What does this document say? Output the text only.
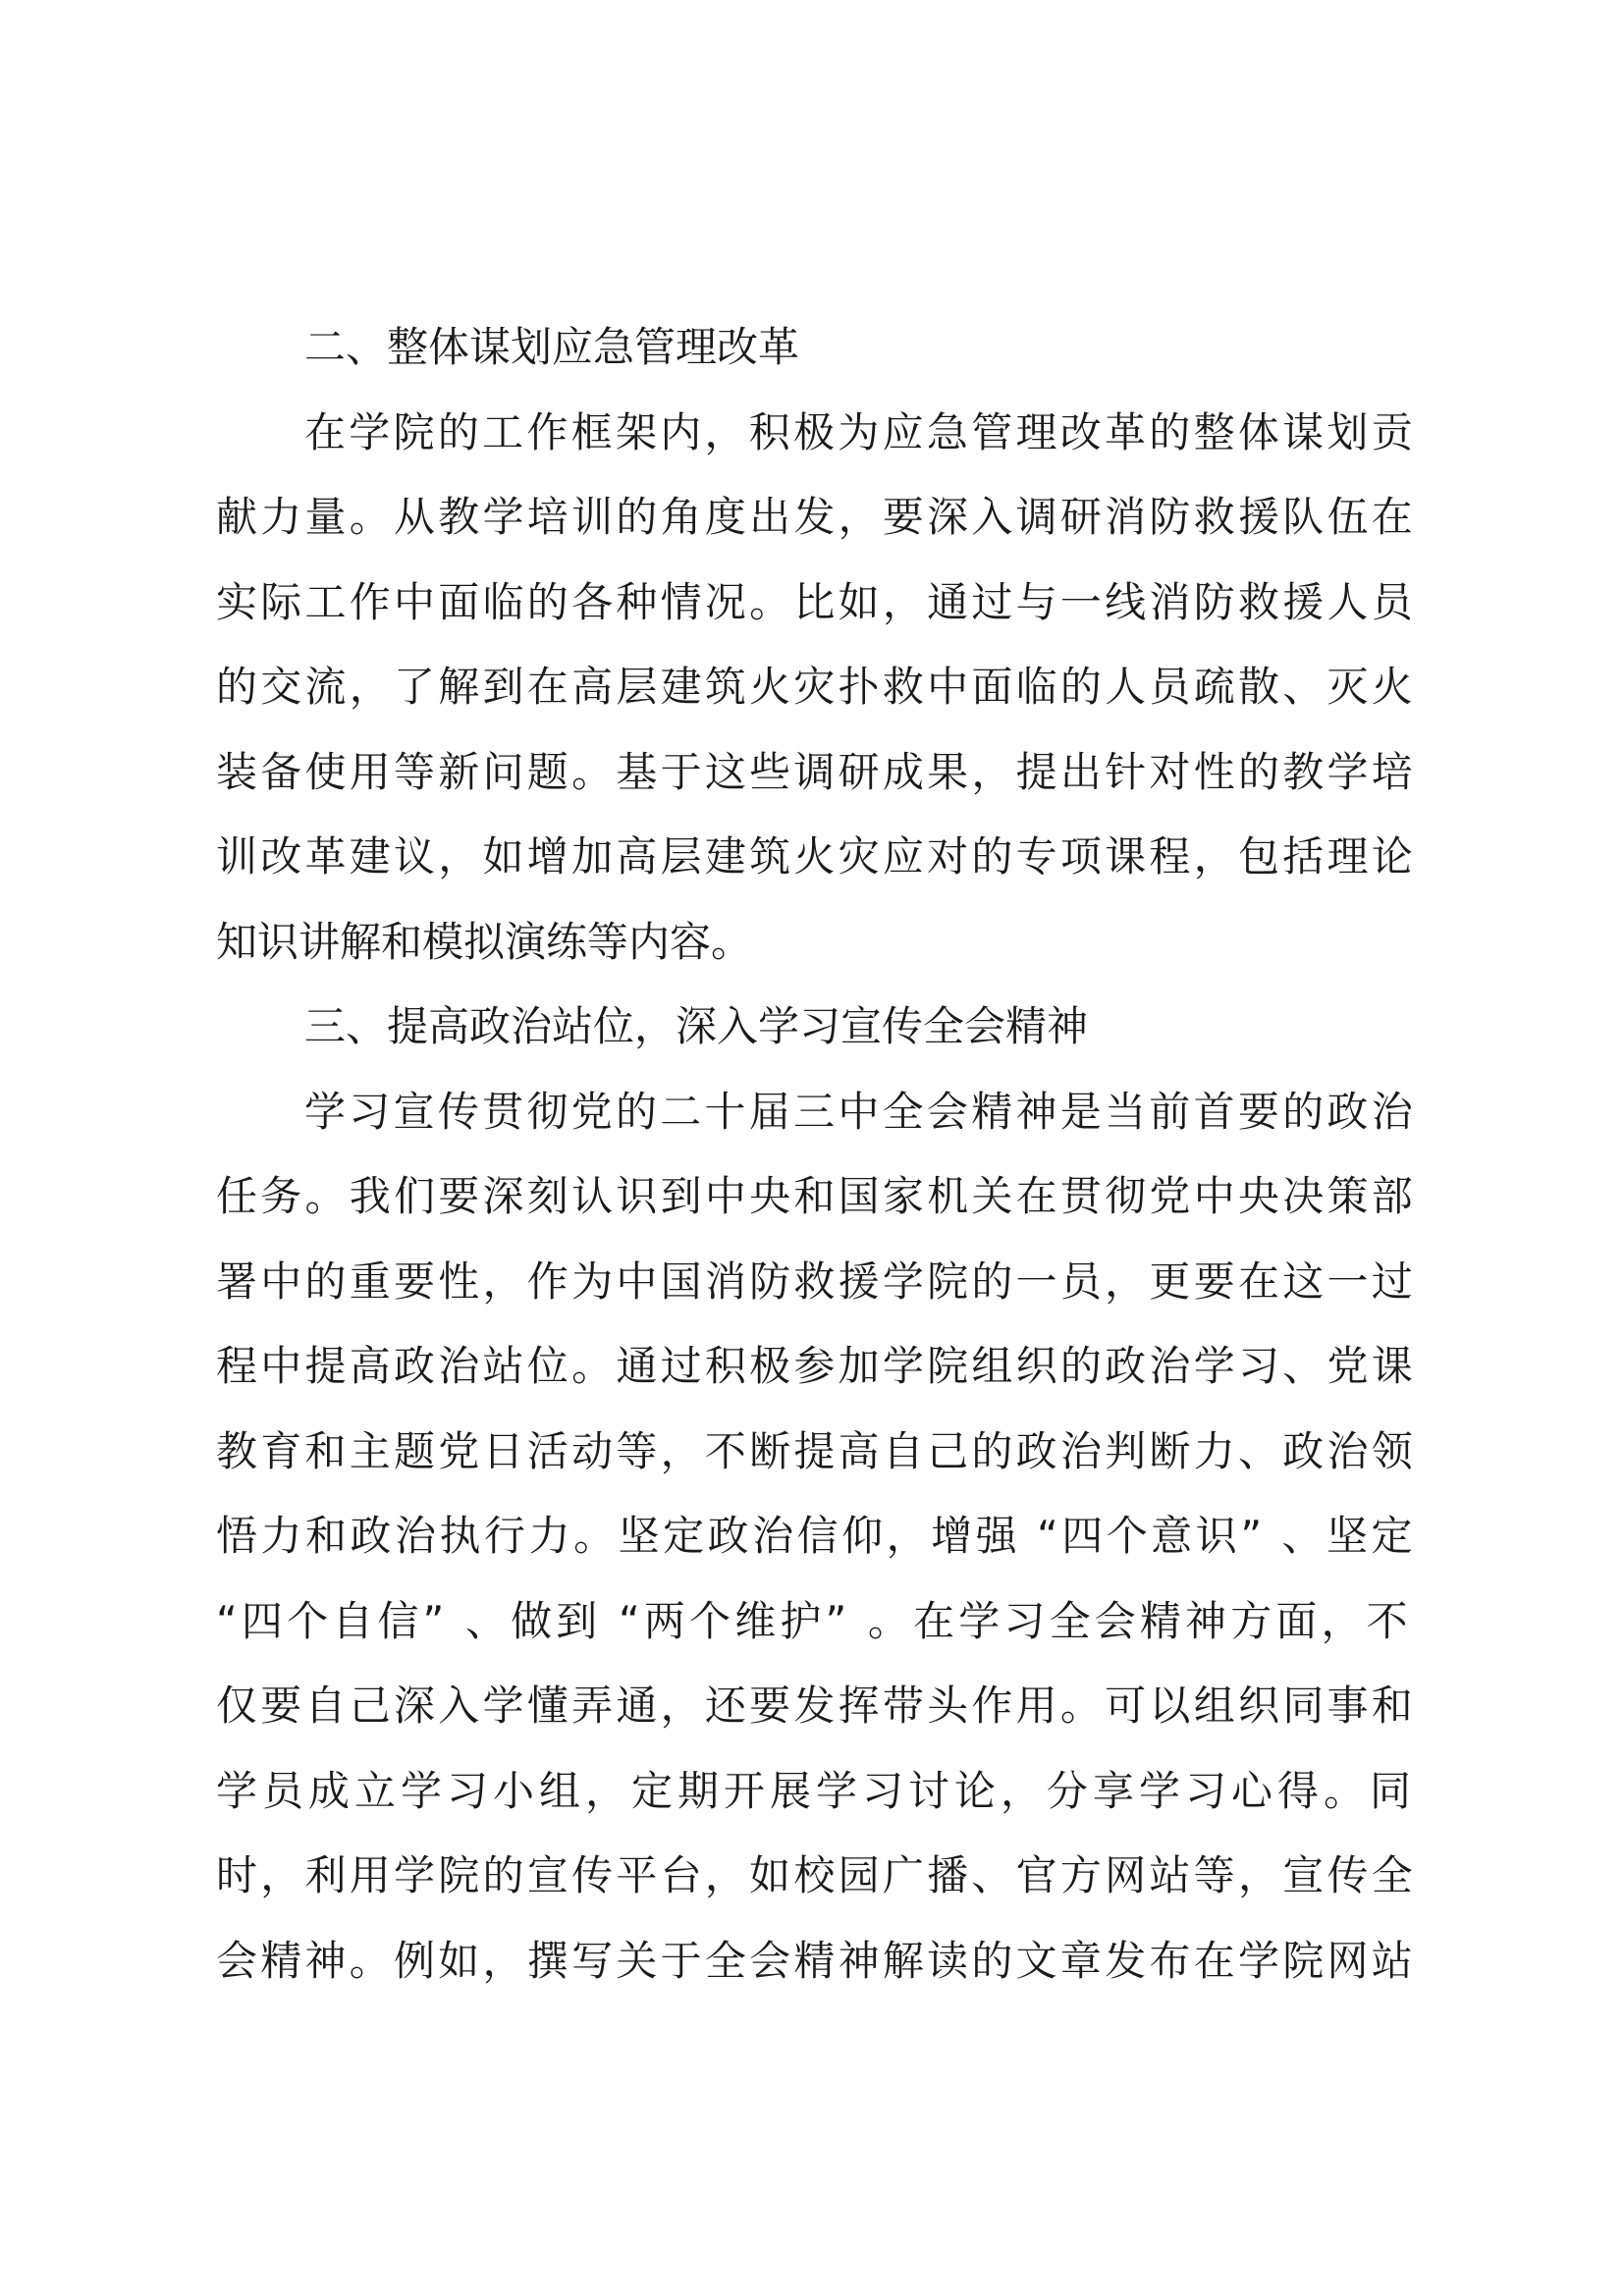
二、整体谋划应急管理改革
在学院的工作框架内，积极为应急管理改革的整体谋划贡
献力量。从教学培训的角度出发，要深入调研消防救援队伍在
实际工作中面临的各种情况。比如，通过与一线消防救援人员
的交流，了解到在高层建筑火灾扑救中面临的人员疏散、灭火
装备使用等新问题。基于这些调研成果，提出针对性的教学培
训改革建议，如增加高层建筑火灾应对的专项课程，包括理论
知识讲解和模拟演练等内容。
三、提高政治站位，深入学习宣传全会精神
学习宣传贯彻党的二十届三中全会精神是当前首要的政治
任务。我们要深刻认识到中央和国家机关在贯彻党中央决策部
署中的重要性，作为中国消防救援学院的一员，更要在这一过
程中提高政治站位。通过积极参加学院组织的政治学习、党课
教育和主题党日活动等，不断提高自己的政治判断力、政治领
悟力和政治执行力。坚定政治信仰，增强 “四个意识” 、坚定
“四个自信” 、做到 “两个维护” 。在学习全会精神方面，不
仅要自己深入学懂弄通，还要发挥带头作用。可以组织同事和
学员成立学习小组，定期开展学习讨论，分享学习心得。同
时，利用学院的宣传平台，如校园广播、官方网站等，宣传全
会精神。例如，撰写关于全会精神解读的文章发布在学院网站
